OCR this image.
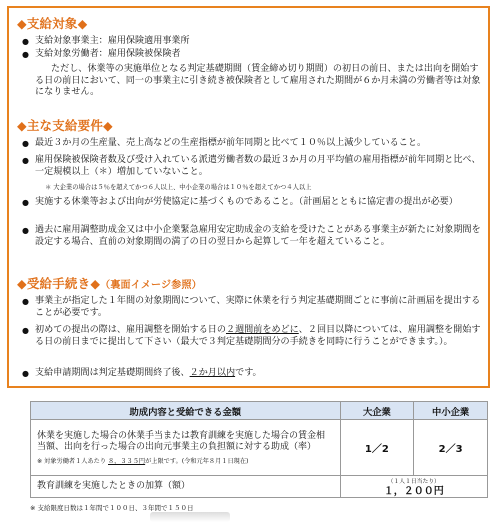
◆支給対象◆
● 支給対象事業主：雇用保険適用事業所
● 支給対象労働者：雇用保険被保険者
ただし、休業等の実施単位となる判定基礎期間（賃金締め切り期間）の初日の前日、または出向を開始する日の前日において、同一の事業主に引き続き被保険者として雇用された期間が６か月未満の労働者等は対象になりません。
◆主な支給要件◆
● 最近３か月の生産量、売上高などの生産指標が前年同期と比べて１０％以上減少していること。
● 雇用保険被保険者数及び受け入れている派遣労働者数の最近３か月の月平均値の雇用指標が前年同期と比べ、一定規模以上（＊）増加していないこと。
＊ 大企業の場合は５％を超えてかつ６人以上、中小企業の場合は１０％を超えてかつ４人以上
● 実施する休業等および出向が労使協定に基づくものであること。（計画届とともに協定書の提出が必要）
● 過去に雇用調整助成金又は中小企業緊急雇用安定助成金の支給を受けたことがある事業主が新たに対象期間を設定する場合、直前の対象期間の満了の日の翌日から起算して一年を超えていること。
◆受給手続き◆（裏面イメージ参照）
● 事業主が指定した１年間の対象期間について、実際に休業を行う判定基礎期間ごとに事前に計画届を提出することが必要です。
● 初めての提出の際は、雇用調整を開始する日の２週間前をめどに、２回目以降については、雇用調整を開始する日の前日までに提出して下さい（最大で３判定基礎期間分の手続きを同時に行うことができます。）。
● 支給申請期間は判定基礎期間終了後、２か月以内です。
助成内容と受給できる金額	大企業	中小企業

休業を実施した場合の休業手当または教育訓練を実施した場合の賃金相当額、出向を行った場合の出向元事業主の負担額に対する助成（率）
※ 対象労働者１人あたり ８，３３５円が上限です。(令和元年８月１日現在)	1／2	2／3
教育訓練を実施したときの加算（額）	（１人１日当たり）
１，２００円	
※ 支給限度日数は１年間で１００日、３年間で１５０日
